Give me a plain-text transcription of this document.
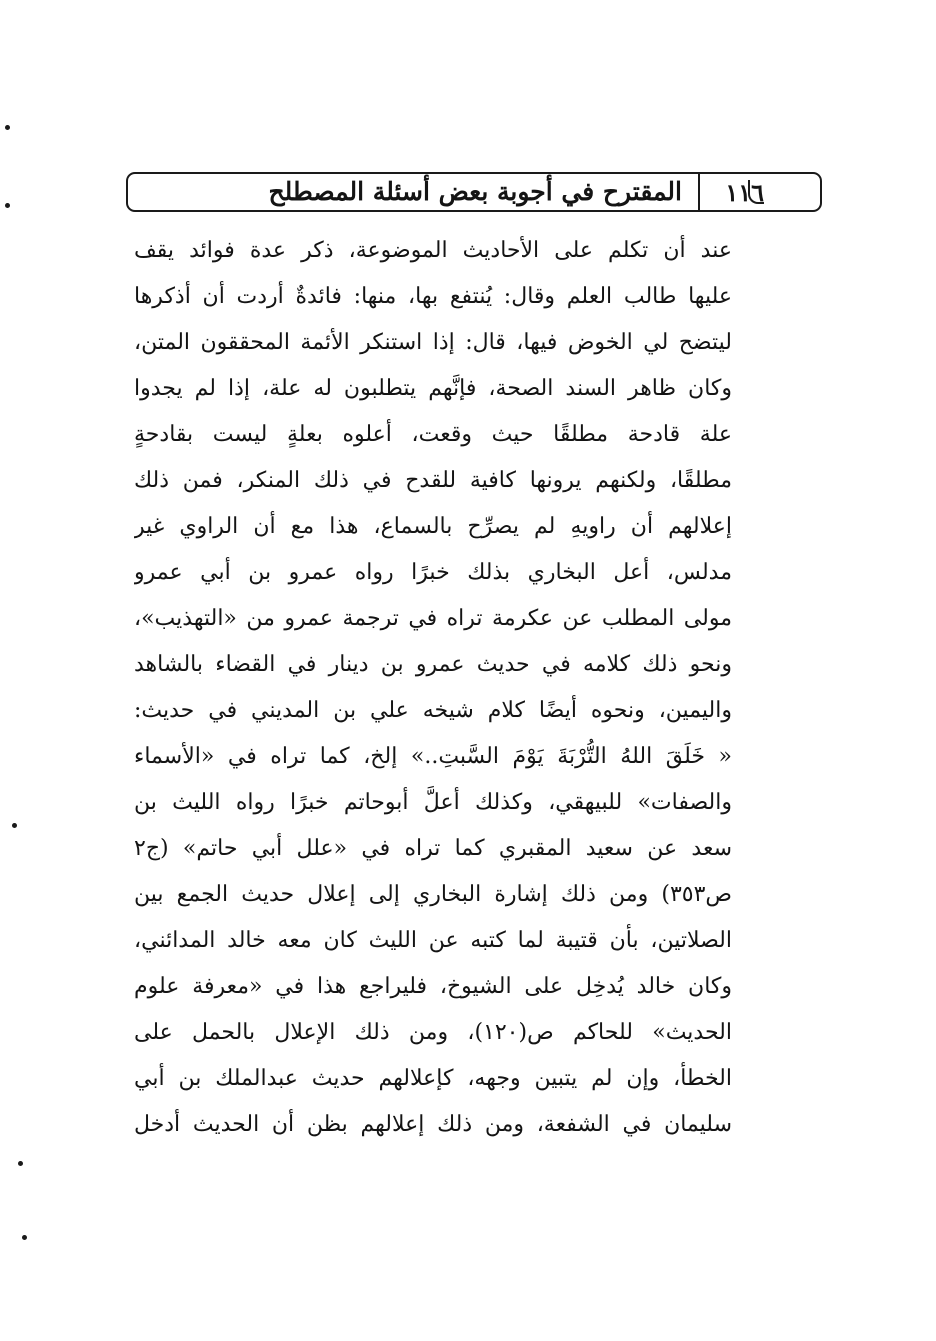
١١٦
المقترح في أجوبة بعض أسئلة المصطلح
عند أن تكلم على الأحاديث الموضوعة، ذكر عدة فوائد يقف
عليها طالب العلم وقال: يُنتفع بها، منها: فائدةٌ أردت أن أذكرها
ليتضح لي الخوض فيها، قال: إذا استنكر الأئمة المحققون المتن،
وكان ظاهر السند الصحة، فإنَّهم يتطلبون له علة، إذا لم يجدوا
علة قادحة مطلقًا حيث وقعت، أعلوه بعلةٍ ليست بقادحةٍ
مطلقًا، ولكنهم يرونها كافية للقدح في ذلك المنكر، فمن ذلك
إعلالهم أن راويهِ لم يصرِّح بالسماع، هذا مع أن الراوي غير
مدلس، أعل البخاري بذلك خبرًا رواه عمرو بن أبي عمرو
مولى المطلب عن عكرمة تراه في ترجمة عمرو من «التهذيب»،
ونحو ذلك كلامه في حديث عمرو بن دينار في القضاء بالشاهد
واليمين، ونحوه أيضًا كلام شيخه علي بن المديني في حديث:
« خَلَقَ اللهُ التُّرْبَةَ يَوْمَ السَّبتِ..» إلخ، كما تراه في «الأسماء
والصفات» للبيهقي، وكذلك أعلَّ أبوحاتم خبرًا رواه الليث بن
سعد عن سعيد المقبري كما تراه في «علل أبي حاتم» (ج٢
ص٣٥٣) ومن ذلك إشارة البخاري إلى إعلال حديث الجمع بين
الصلاتين، بأن قتيبة لما كتبه عن الليث كان معه خالد المدائني،
وكان خالد يُدخِل على الشيوخ، فليراجع هذا في «معرفة علوم
الحديث» للحاكم ص(١٢٠)، ومن ذلك الإعلال بالحمل على
الخطأ، وإن لم يتبين وجهه، كإعلالهم حديث عبدالملك بن أبي
سليمان في الشفعة، ومن ذلك إعلالهم بظن أن الحديث أدخل
